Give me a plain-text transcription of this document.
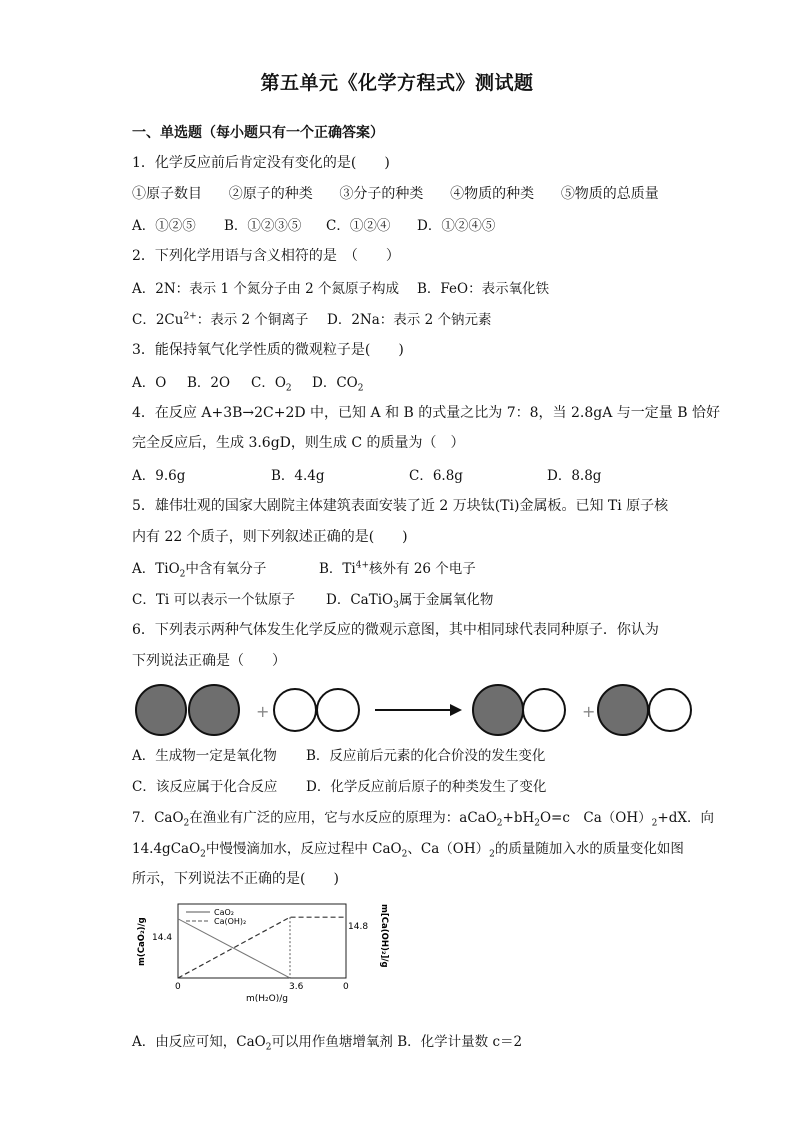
第五单元《化学方程式》测试题
一、单选题（每小题只有一个正确答案）
1．化学反应前后肯定没有变化的是(　　)
①原子数目 ②原子的种类 ③分子的种类 ④物质的种类 ⑤物质的总质量
A．①②⑤ B．①②③⑤ C．①②④ D．①②④⑤
2．下列化学用语与含义相符的是　（　　）
A．2N：表示 1 个氮分子由 2 个氮原子构成 B．FeO：表示氧化铁
C．$2Cu^{2+}$：表示 2 个铜离子 D．2Na：表示 2 个钠元素
3．能保持氧气化学性质的微观粒子是(　　)
A．O B．2O C．$O_2$ D．$CO_2$
4．在反应 A+3B→2C+2D 中，已知 A 和 B 的式量之比为 7：8，当 2.8gA 与一定量 B 恰好
完全反应后，生成 3.6gD，则生成 C 的质量为（　）
A．9.6g	B．4.4g	C．6.8g	D．8.8g
5．雄伟壮观的国家大剧院主体建筑表面安装了近 2 万块钛(Ti)金属板。已知 Ti 原子核
内有 22 个质子，则下列叙述正确的是(　　)
A．TiO$_2$中含有氧分子	B．$Ti^{4+}$核外有 26 个电子
C．Ti 可以表示一个钛原子 D．CaTiO$_3$属于金属氧化物
6．下列表示两种气体发生化学反应的微观示意图，其中相同球代表同种原子．你认为
下列说法正确是（　　）
+	+
A．生成物一定是氧化物 B．反应前后元素的化合价没的发生变化
C．该反应属于化合反应 D．化学反应前后原子的种类发生了变化
7．CaO$_2$在渔业有广泛的应用，它与水反应的原理为：$aCaO_2+bH_2O=c$　$Ca(OH)_2+dX$．向
14.4gCaO$_2$中慢慢滴加水，反应过程中 CaO$_2$、$Ca(OH)_2$的质量随加入水的质量变化如图
所示，下列说法不正确的是(　　)
CaO₂
Ca(OH)₂
14.4
14.8
0	3.6	0
m(H₂O)/g
m(CaO₂)/g	m[Ca(OH)₂]/g
A．由反应可知，CaO$_2$可以用作鱼塘增氧剂 B．化学计量数 c＝2
